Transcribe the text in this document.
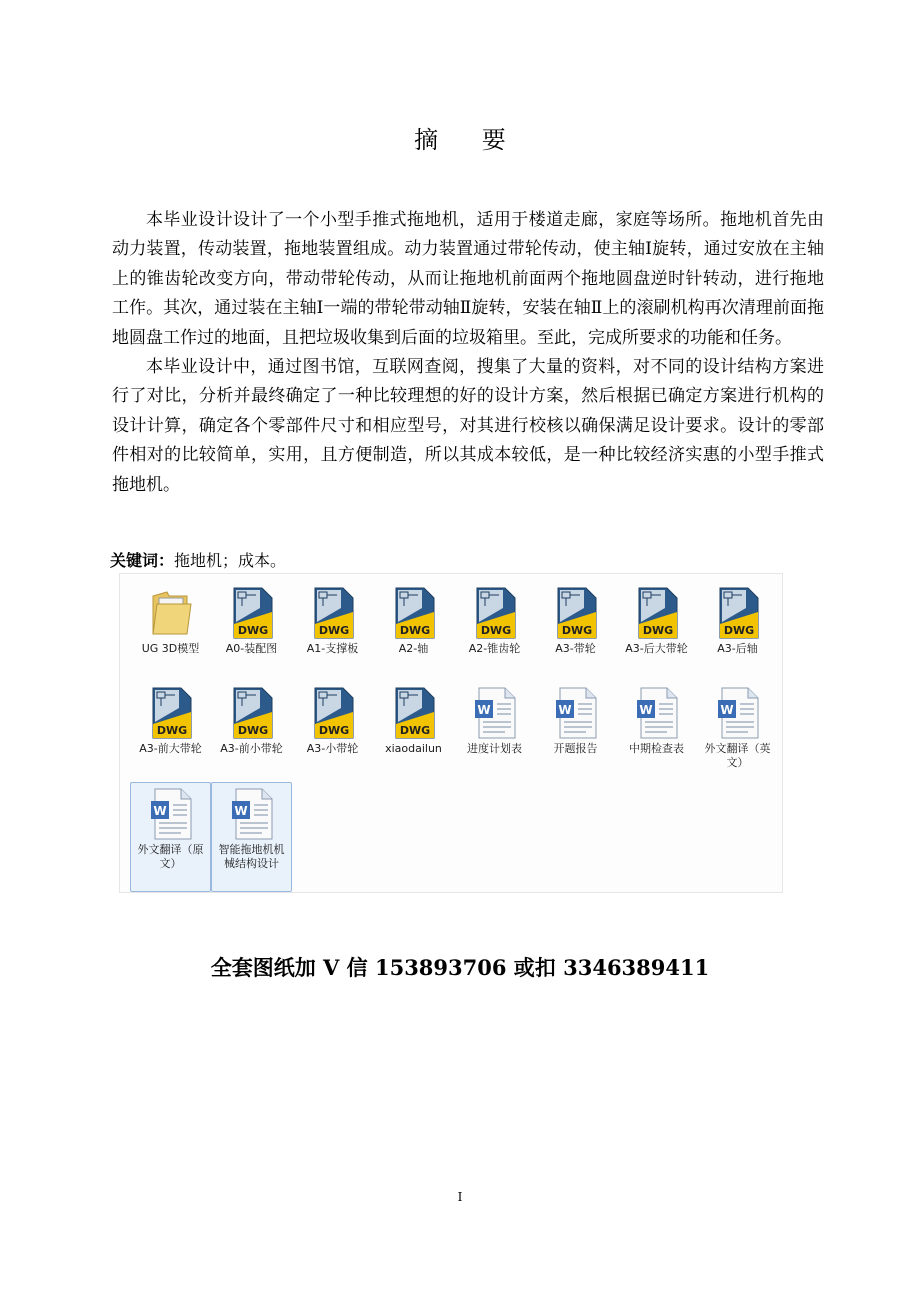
摘 要

本毕业设计设计了一个小型手推式拖地机，适用于楼道走廊，家庭等场所。拖地机首先由动力装置，传动装置，拖地装置组成。动力装置通过带轮传动，使主轴Ⅰ旋转，通过安放在主轴上的锥齿轮改变方向，带动带轮传动，从而让拖地机前面两个拖地圆盘逆时针转动，进行拖地工作。其次，通过装在主轴Ⅰ一端的带轮带动轴Ⅱ旋转，安装在轴Ⅱ上的滚刷机构再次清理前面拖地圆盘工作过的地面，且把垃圾收集到后面的垃圾箱里。至此，完成所要求的功能和任务。

本毕业设计中，通过图书馆，互联网查阅，搜集了大量的资料，对不同的设计结构方案进行了对比，分析并最终确定了一种比较理想的好的设计方案，然后根据已确定方案进行机构的设计计算，确定各个零部件尺寸和相应型号，对其进行校核以确保满足设计要求。设计的零部件相对的比较简单，实用，且方便制造，所以其成本较低，是一种比较经济实惠的小型手推式拖地机。

关键词：拖地机；成本。
UG 3D模型
DWG
A0-装配图
DWG
A1-支撑板
DWG
A2-轴
DWG
A2-锥齿轮
DWG
A3-带轮
DWG
A3-后大带轮
DWG
A3-后轴
DWG
A3-前大带轮
DWG
A3-前小带轮
DWG
A3-小带轮
DWG
xiaodailun
W
进度计划表
W
开题报告
W
中期检查表
W
外文翻译（英文）
W
外文翻译（原文）
W
智能拖地机机械结构设计
全套图纸加 V 信 153893706 或扣 3346389411
I
